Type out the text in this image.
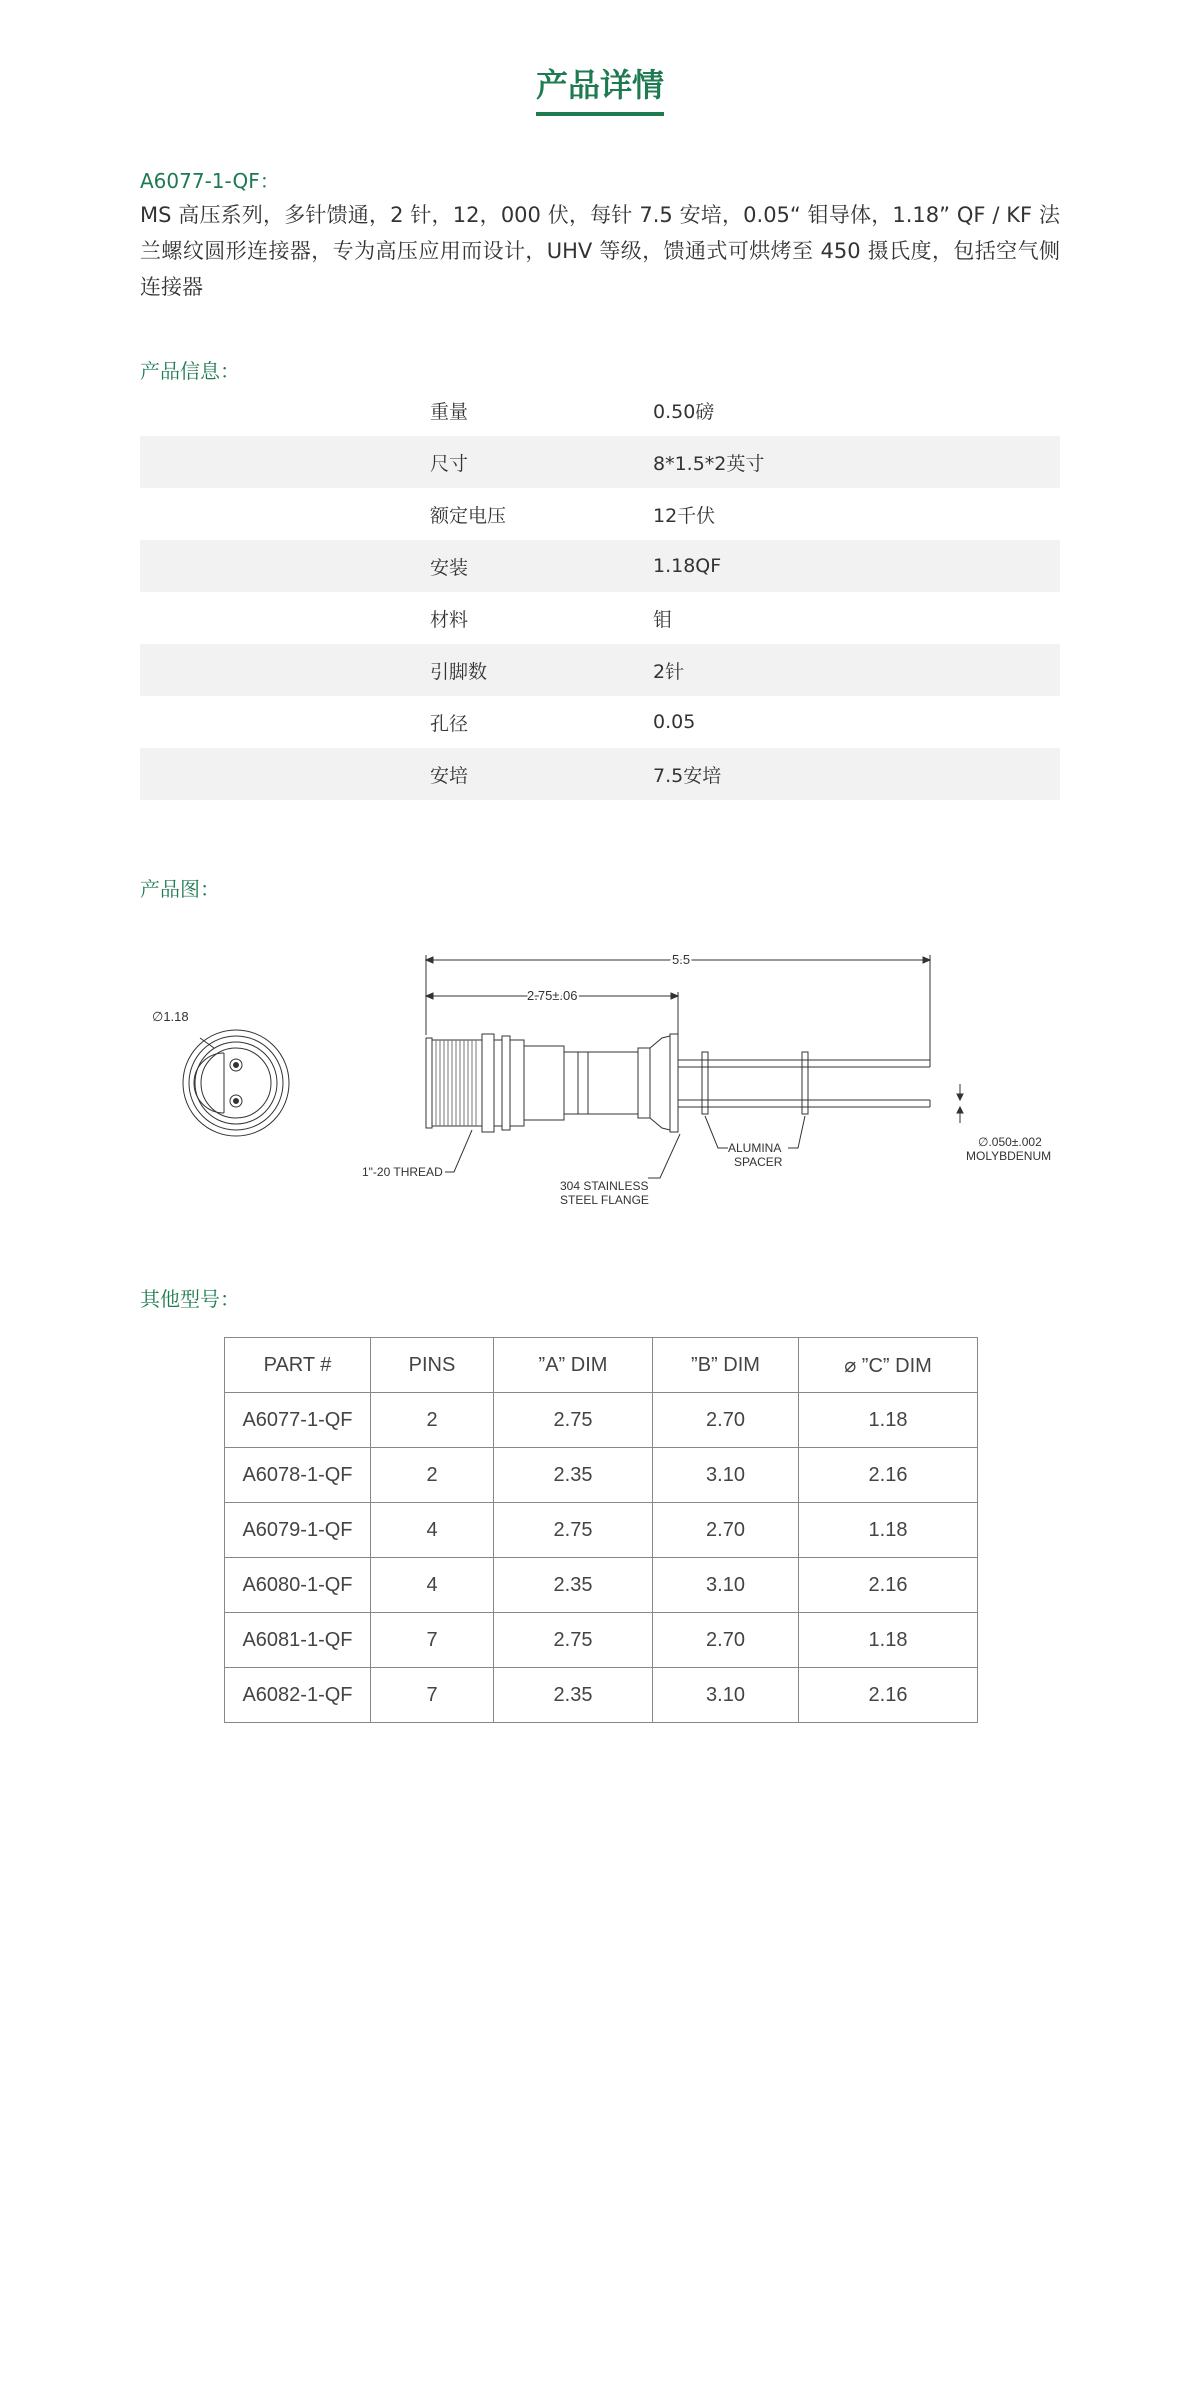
产品详情
A6077-1-QF：
MS 高压系列，多针馈通，2 针，12，000 伏，每针 7.5 安培，0.05“ 钼导体，1.18” QF / KF 法兰螺纹圆形连接器，专为高压应用而设计，UHV 等级，馈通式可烘烤至 450 摄氏度，包括空气侧连接器
产品信息：
重量	0.50磅
尺寸	8*1.5*2英寸
额定电压	12千伏
安装	1.18QF
材料	钼
引脚数	2针
孔径	0.05
安培	7.5安培
产品图：
∅1.18
5.5
2.75±.06
1"-20 THREAD
304 STAINLESS
STEEL FLANGE
ALUMINA
SPACER
∅.050±.002
MOLYBDENUM
其他型号：
PART #	PINS	”A” DIM	”B” DIM	⌀ ”C” DIM
A6077-1-QF	2	2.75	2.70	1.18
A6078-1-QF	2	2.35	3.10	2.16
A6079-1-QF	4	2.75	2.70	1.18
A6080-1-QF	4	2.35	3.10	2.16
A6081-1-QF	7	2.75	2.70	1.18
A6082-1-QF	7	2.35	3.10	2.16
